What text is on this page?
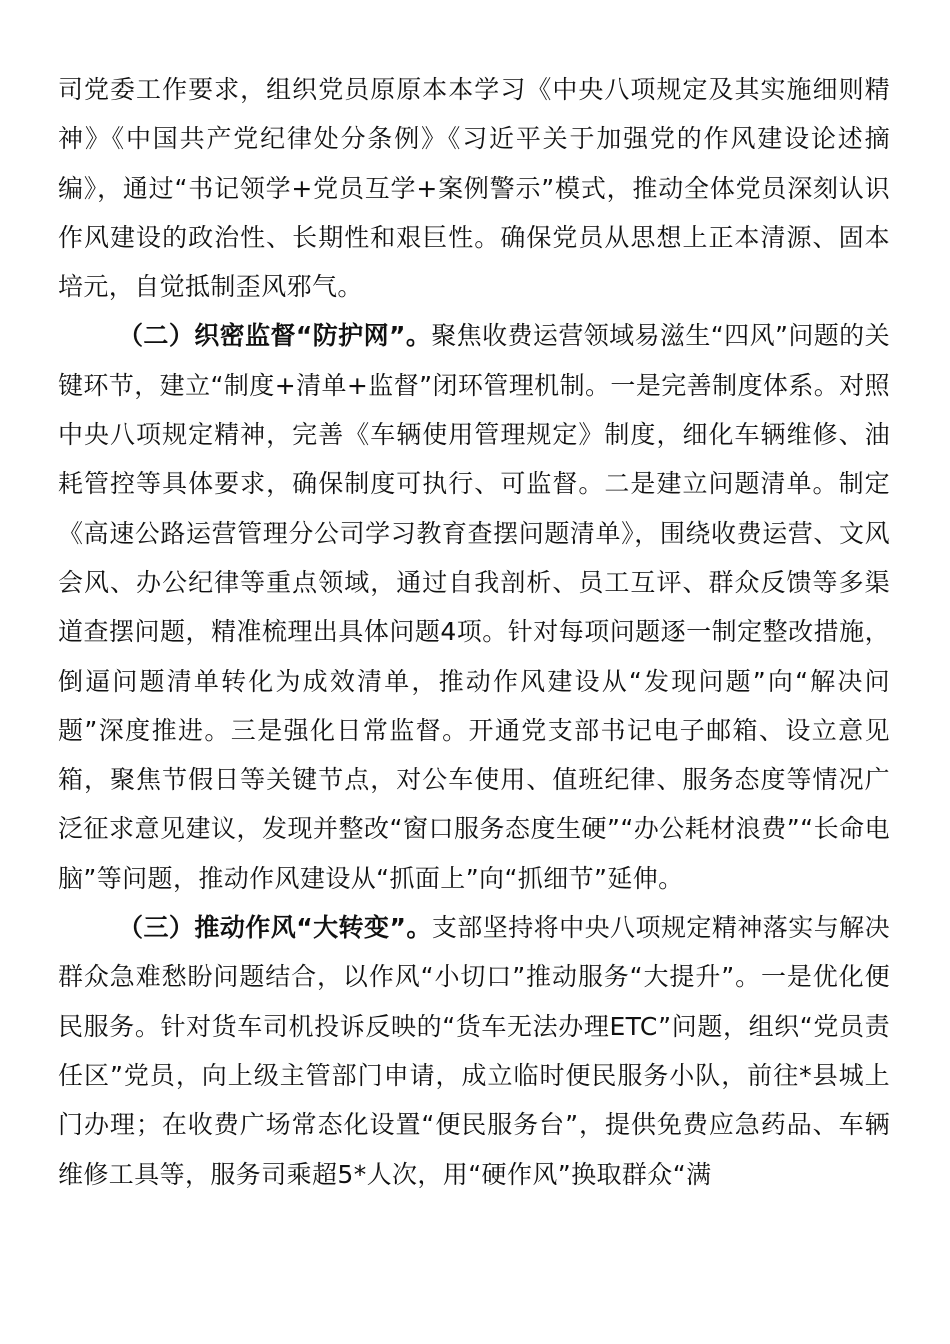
司党委工作要求，组织党员原原本本学习《中央八项规定及其实施细则精神》《中国共产党纪律处分条例》《习近平关于加强党的作风建设论述摘编》，通过“书记领学+党员互学+案例警示”模式，推动全体党员深刻认识作风建设的政治性、长期性和艰巨性。确保党员从思想上正本清源、固本培元，自觉抵制歪风邪气。

（二）织密监督“防护网”。聚焦收费运营领域易滋生“四风”问题的关键环节，建立“制度+清单+监督”闭环管理机制。一是完善制度体系。对照中央八项规定精神，完善《车辆使用管理规定》制度，细化车辆维修、油耗管控等具体要求，确保制度可执行、可监督。二是建立问题清单。制定《高速公路运营管理分公司学习教育查摆问题清单》，围绕收费运营、文风会风、办公纪律等重点领域，通过自我剖析、员工互评、群众反馈等多渠道查摆问题，精准梳理出具体问题4项。针对每项问题逐一制定整改措施，倒逼问题清单转化为成效清单，推动作风建设从“发现问题”向“解决问题”深度推进。三是强化日常监督。开通党支部书记电子邮箱、设立意见箱，聚焦节假日等关键节点，对公车使用、值班纪律、服务态度等情况广泛征求意见建议，发现并整改“窗口服务态度生硬”“办公耗材浪费”“长命电脑”等问题，推动作风建设从“抓面上”向“抓细节”延伸。

（三）推动作风“大转变”。支部坚持将中央八项规定精神落实与解决群众急难愁盼问题结合，以作风“小切口”推动服务“大提升”。一是优化便民服务。针对货车司机投诉反映的“货车无法办理ETC”问题，组织“党员责任区”党员，向上级主管部门申请，成立临时便民服务小队，前往*县城上门办理；在收费广场常态化设置“便民服务台”，提供免费应急药品、车辆维修工具等，服务司乘超5*人次，用“硬作风”换取群众“满
